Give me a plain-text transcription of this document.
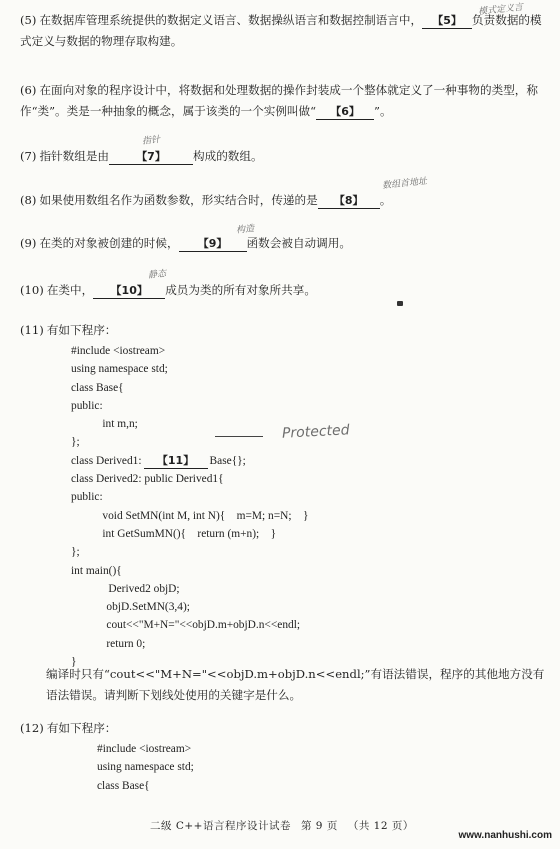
(5) 在数据库管理系统提供的数据定义语言、数据操纵语言和数据控制语言中， 【5】 负责数据的模式定义与数据的物理存取构建。
模式定义言
(6) 在面向对象的程序设计中，将数据和处理数据的操作封装成一个整体就定义了一种事物的类型，称作“类”。类是一种抽象的概念，属于该类的一个实例叫做“ 【6】 ”。
(7) 指针数组是由 【7】 构成的数组。
指针
(8) 如果使用数组名作为函数参数，形实结合时，传递的是 【8】 。
数组首地址
(9) 在类的对象被创建的时候， 【9】 函数会被自动调用。
构造
(10) 在类中， 【10】 成员为类的所有对象所共享。
静态
(11) 有如下程序：
#include <iostream>
using namespace std;
class Base{
public:
int m,n;
};
class Derived1: 【11】 Base{};
class Derived2: public Derived1{
public:
void SetMN(int M, int N){    m=M; n=N;    }
int GetSumMN(){    return (m+n);    }
};
int main(){
Derived2 objD;
objD.SetMN(3,4);
cout<<"M+N="<<objD.m+objD.n<<endl;
return 0;
}
Protected
编译时只有“cout<<"M+N="<<objD.m+objD.n<<endl;”有语法错误，程序的其他地方没有语法错误。请判断下划线处使用的关键字是什么。
(12) 有如下程序：
#include <iostream>
using namespace std;
class Base{
二级 C++语言程序设计试卷 第 9 页 （共 12 页）
www.nanhushi.com
